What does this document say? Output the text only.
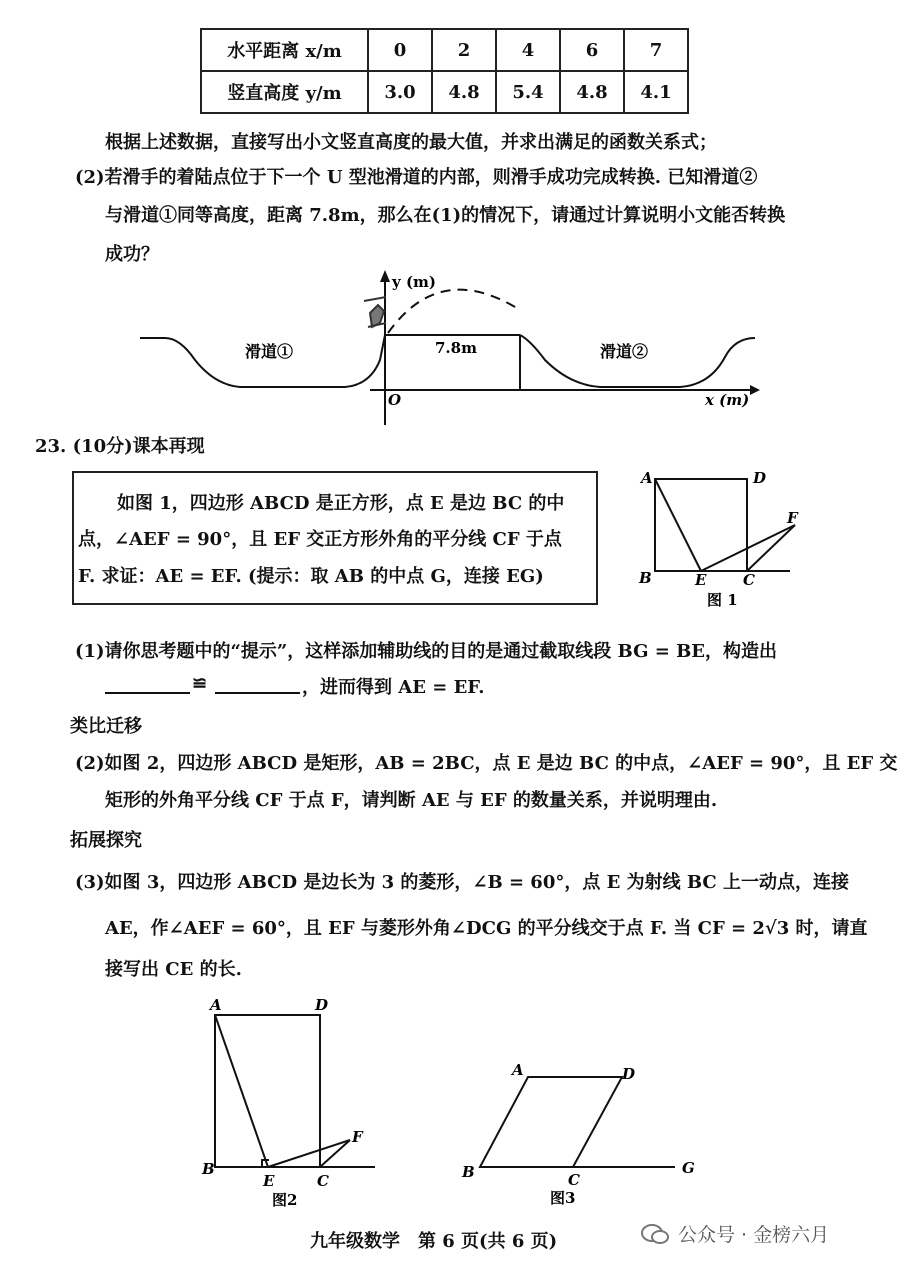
水平距离 x/m	0	2	4	6	7
竖直高度 y/m	3.0	4.8	5.4	4.8	4.1
根据上述数据，直接写出小文竖直高度的最大值，并求出满足的函数关系式；
(2)若滑手的着陆点位于下一个 U 型池滑道的内部，则滑手成功完成转换. 已知滑道②
与滑道①同等高度，距离 7.8m，那么在(1)的情况下，请通过计算说明小文能否转换
成功？
y (m)
x (m)
O
7.8m
滑道①	滑道②
23. (10分)课本再现
如图 1，四边形 ABCD 是正方形，点 E 是边 BC 的中
点，∠AEF = 90°，且 EF 交正方形外角的平分线 CF 于点
F. 求证：AE = EF. (提示：取 AB 的中点 G，连接 EG)
A	D
B	E C
F
图 1
(1)请你思考题中的“提示”，这样添加辅助线的目的是通过截取线段 BG = BE，构造出
≌	，进而得到 AE = EF.
类比迁移
(2)如图 2，四边形 ABCD 是矩形，AB = 2BC，点 E 是边 BC 的中点，∠AEF = 90°，且 EF 交
矩形的外角平分线 CF 于点 F，请判断 AE 与 EF 的数量关系，并说明理由.
拓展探究
(3)如图 3，四边形 ABCD 是边长为 3 的菱形，∠B = 60°，点 E 为射线 BC 上一动点，连接
AE，作∠AEF = 60°，且 EF 与菱形外角∠DCG 的平分线交于点 F. 当 CF = 2√3 时，请直
接写出 CE 的长.
A	D
B
E	C
F
图2
A	D
B	C
G
图3
九年级数学　第 6 页(共 6 页)	公众号 · 金榜六月
